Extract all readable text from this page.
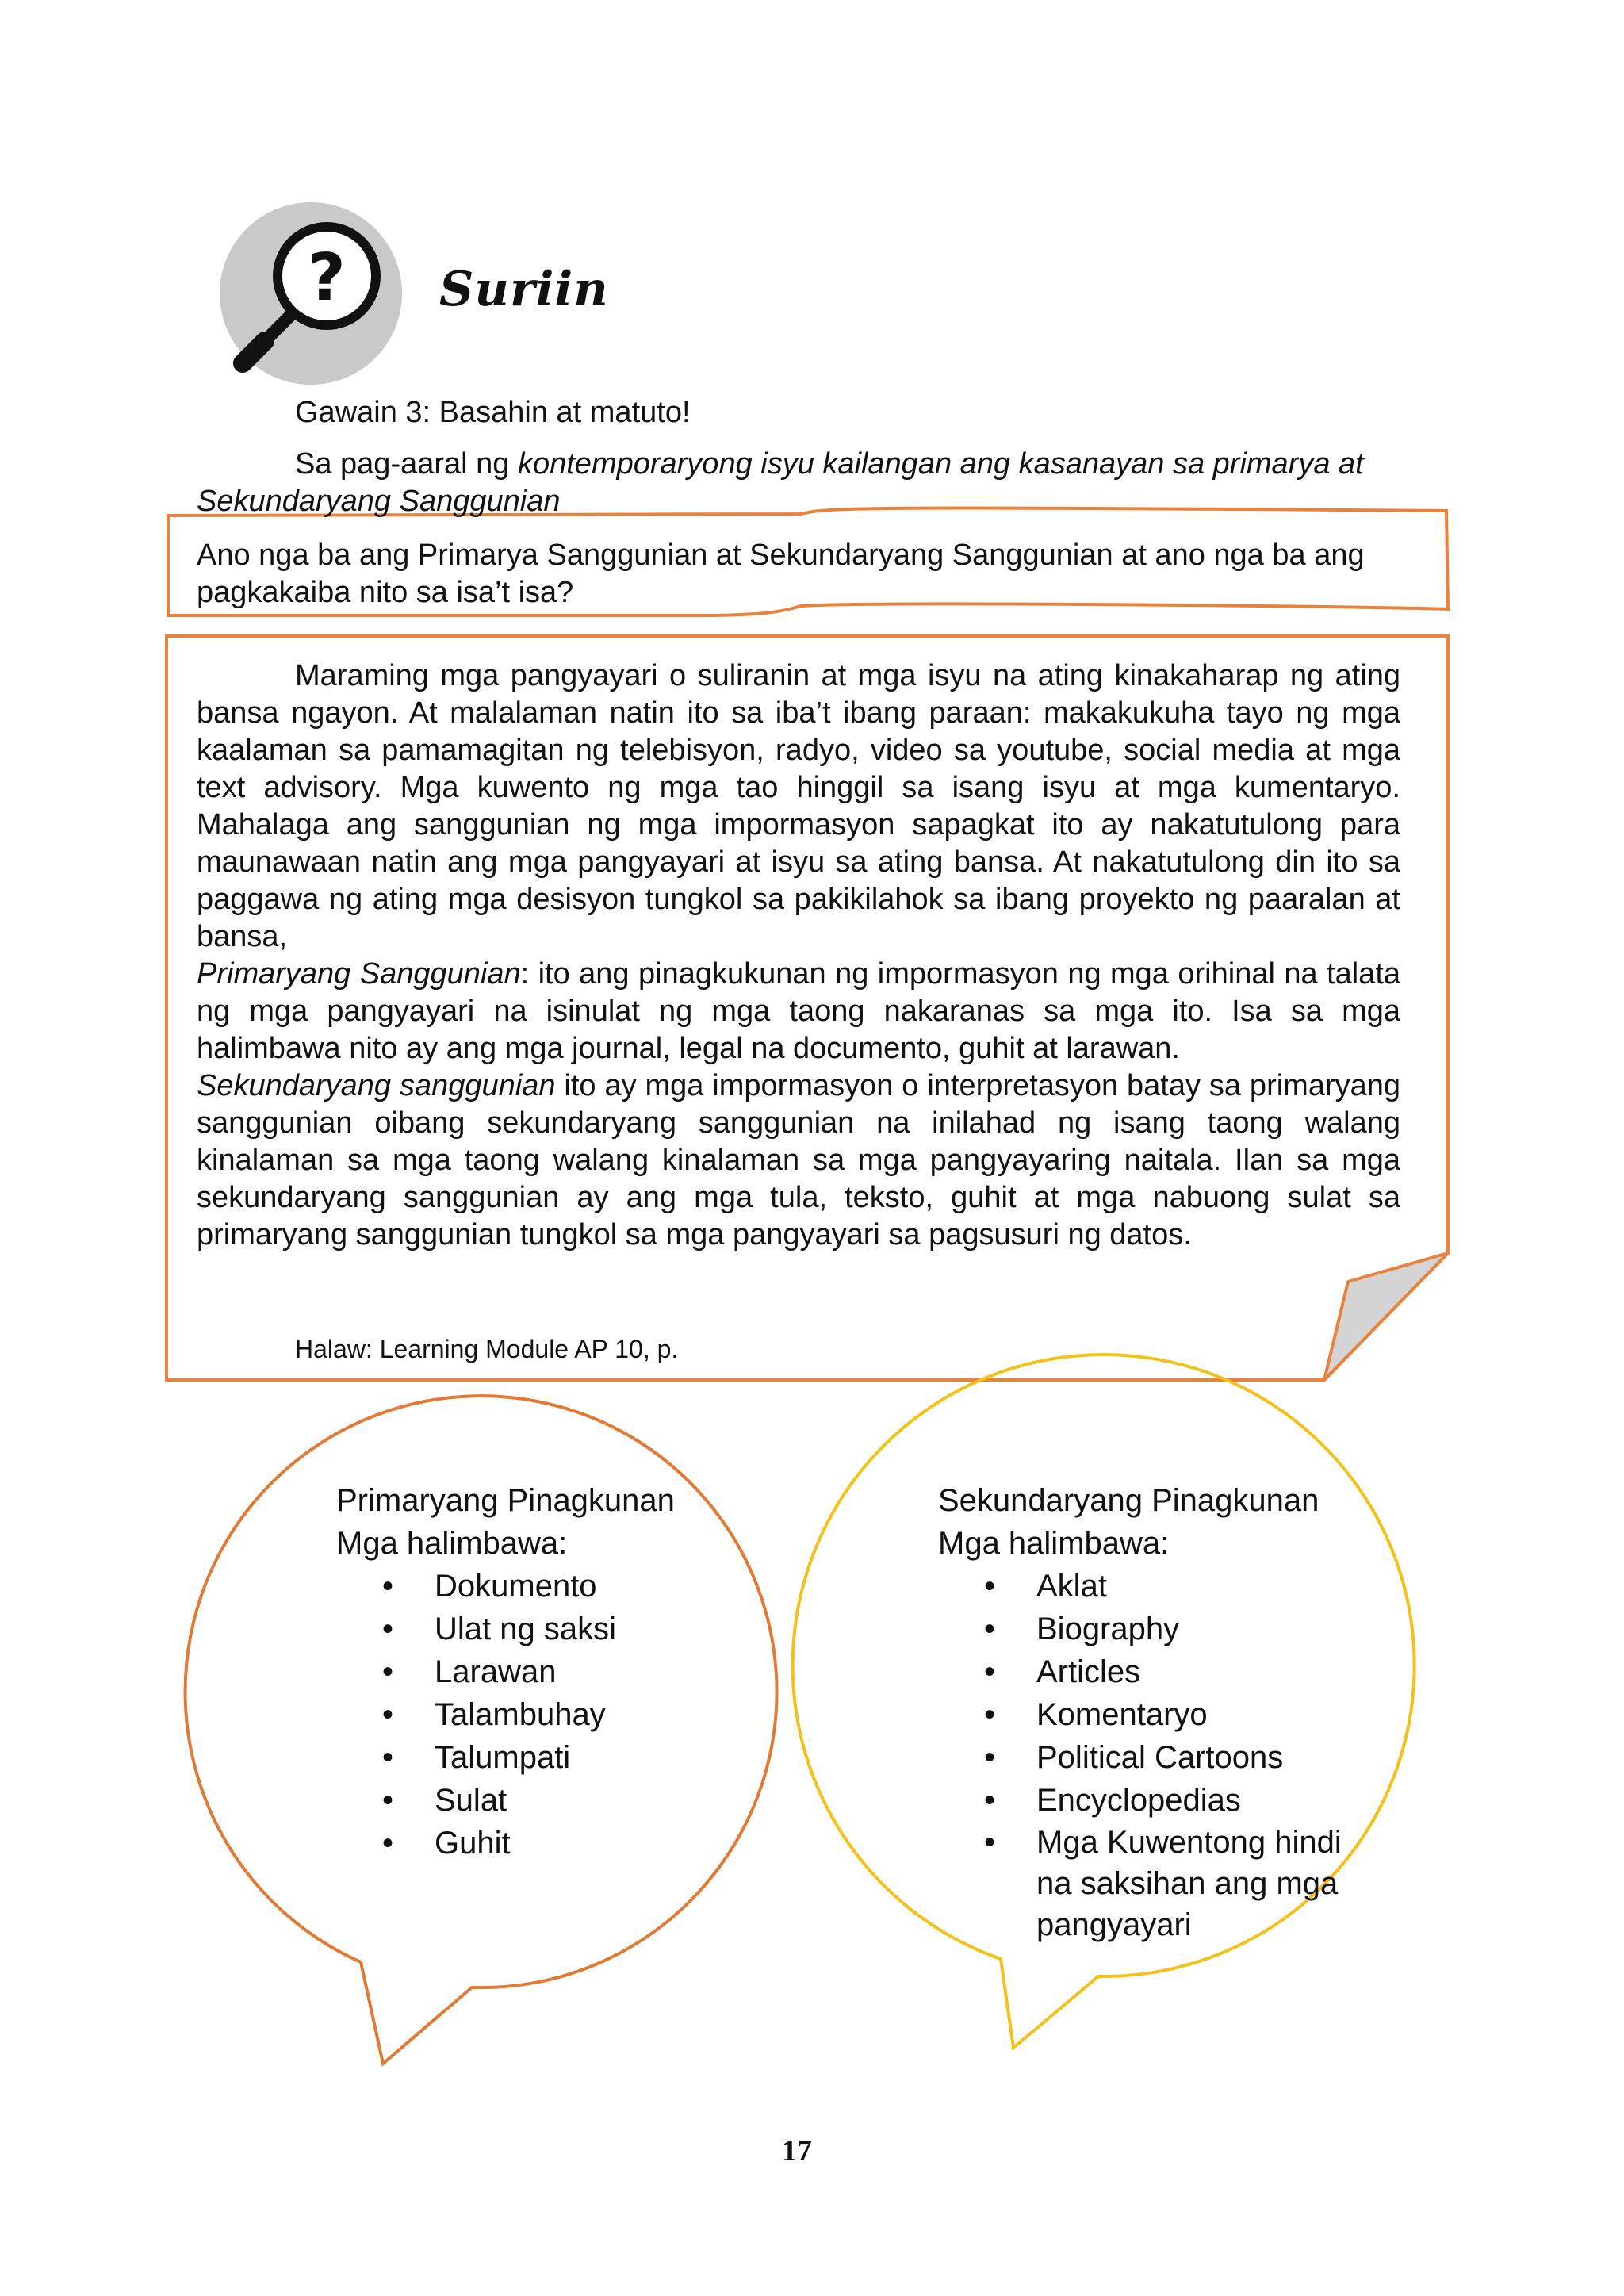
? Suriin
Gawain 3: Basahin at matuto!
Sa pag-aaral ng kontemporaryong isyu kailangan ang kasanayan sa primarya at Sekundaryang Sanggunian
Ano nga ba ang Primarya Sanggunian at Sekundaryang Sanggunian at ano nga ba ang pagkakaiba nito sa isa’t isa?

Maraming mga pangyayari o suliranin at mga isyu na ating kinakaharap ng ating bansa ngayon. At malalaman natin ito sa iba’t ibang paraan: makakukuha tayo ng mga kaalaman sa pamamagitan ng telebisyon, radyo, video sa youtube, social media at mga text advisory. Mga kuwento ng mga tao hinggil sa isang isyu at mga kumentaryo. Mahalaga ang sanggunian ng mga impormasyon sapagkat ito ay nakatutulong para maunawaan natin ang mga pangyayari at isyu sa ating bansa. At nakatutulong din ito sa paggawa ng ating mga desisyon tungkol sa pakikilahok sa ibang proyekto ng paaralan at bansa,

Primaryang Sanggunian: ito ang pinagkukunan ng impormasyon ng mga orihinal na talata ng mga pangyayari na isinulat ng mga taong nakaranas sa mga ito. Isa sa mga halimbawa nito ay ang mga journal, legal na documento, guhit at larawan.

Sekundaryang sanggunian ito ay mga impormasyon o interpretasyon batay sa primaryang sanggunian oibang sekundaryang sanggunian na inilahad ng isang taong walang kinalaman sa mga taong walang kinalaman sa mga pangyayaring naitala. Ilan sa mga sekundaryang sanggunian ay ang mga tula, teksto, guhit at mga nabuong sulat sa primaryang sanggunian tungkol sa mga pangyayari sa pagsusuri ng datos.

Halaw: Learning Module AP 10, p.
Primaryang Pinagkunan
Mga halimbawa:
• Dokumento
• Ulat ng saksi
• Larawan
• Talambuhay
• Talumpati
• Sulat
• Guhit
Sekundaryang Pinagkunan
Mga halimbawa:
• Aklat
• Biography
• Articles
• Komentaryo
• Political Cartoons
• Encyclopedias
• Mga Kuwentong hindi na saksihan ang mga pangyayari
17
